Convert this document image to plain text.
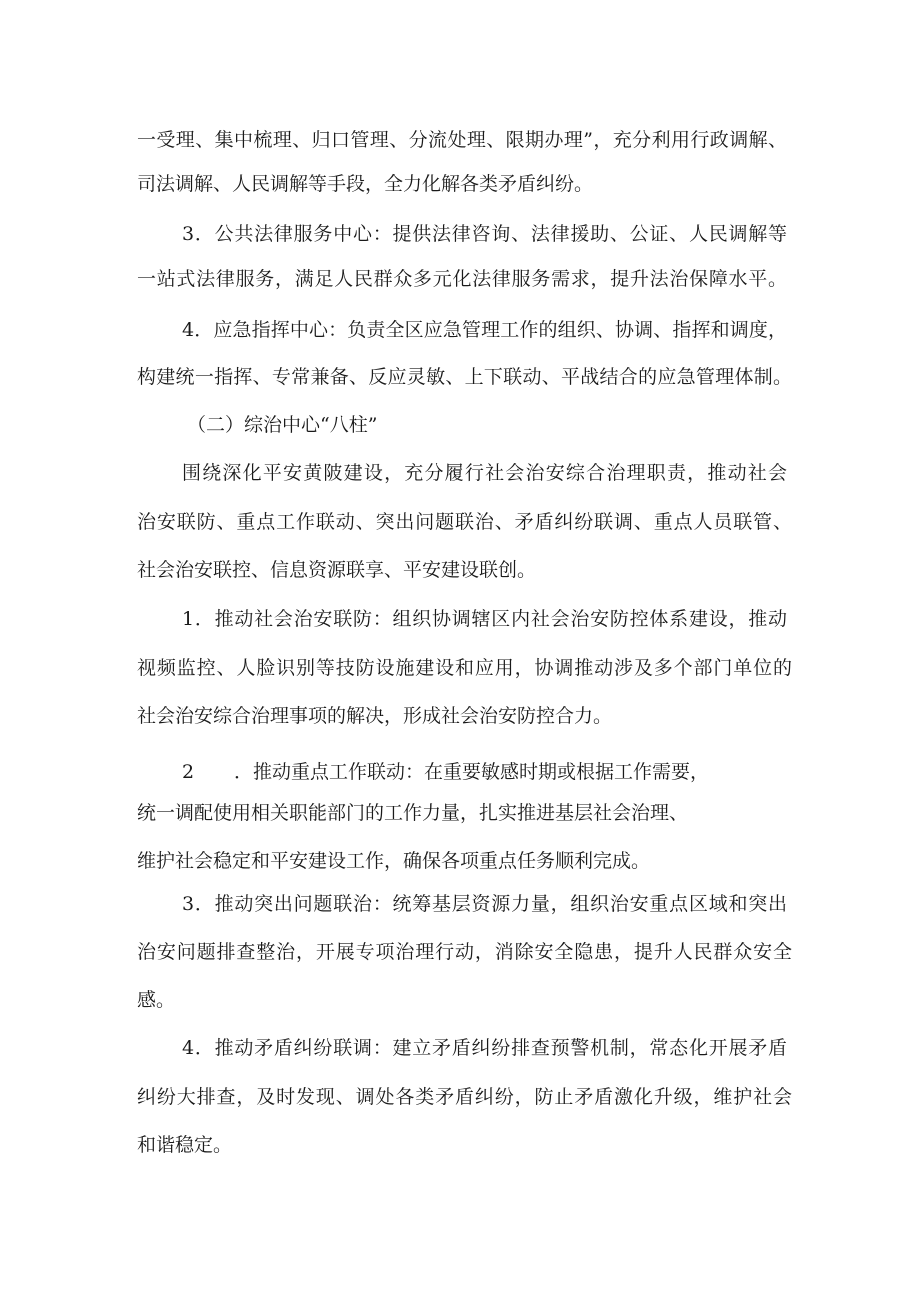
一受理、集中梳理、归口管理、分流处理、限期办理”，充分利用行政调解、
司法调解、人民调解等手段，全力化解各类矛盾纠纷。
3．公共法律服务中心：提供法律咨询、法律援助、公证、人民调解等
一站式法律服务，满足人民群众多元化法律服务需求，提升法治保障水平。
4．应急指挥中心：负责全区应急管理工作的组织、协调、指挥和调度，
构建统一指挥、专常兼备、反应灵敏、上下联动、平战结合的应急管理体制。
（二）综治中心“八柱”
围绕深化平安黄陂建设，充分履行社会治安综合治理职责，推动社会
治安联防、重点工作联动、突出问题联治、矛盾纠纷联调、重点人员联管、
社会治安联控、信息资源联享、平安建设联创。
1．推动社会治安联防：组织协调辖区内社会治安防控体系建设，推动
视频监控、人脸识别等技防设施建设和应用，协调推动涉及多个部门单位的
社会治安综合治理事项的解决，形成社会治安防控合力。
2 ．推动重点工作联动：在重要敏感时期或根据工作需要，
统一调配使用相关职能部门的工作力量，扎实推进基层社会治理、
维护社会稳定和平安建设工作，确保各项重点任务顺利完成。
3．推动突出问题联治：统筹基层资源力量，组织治安重点区域和突出
治安问题排查整治，开展专项治理行动，消除安全隐患，提升人民群众安全
感。
4．推动矛盾纠纷联调：建立矛盾纠纷排查预警机制，常态化开展矛盾
纠纷大排查，及时发现、调处各类矛盾纠纷，防止矛盾激化升级，维护社会
和谐稳定。
